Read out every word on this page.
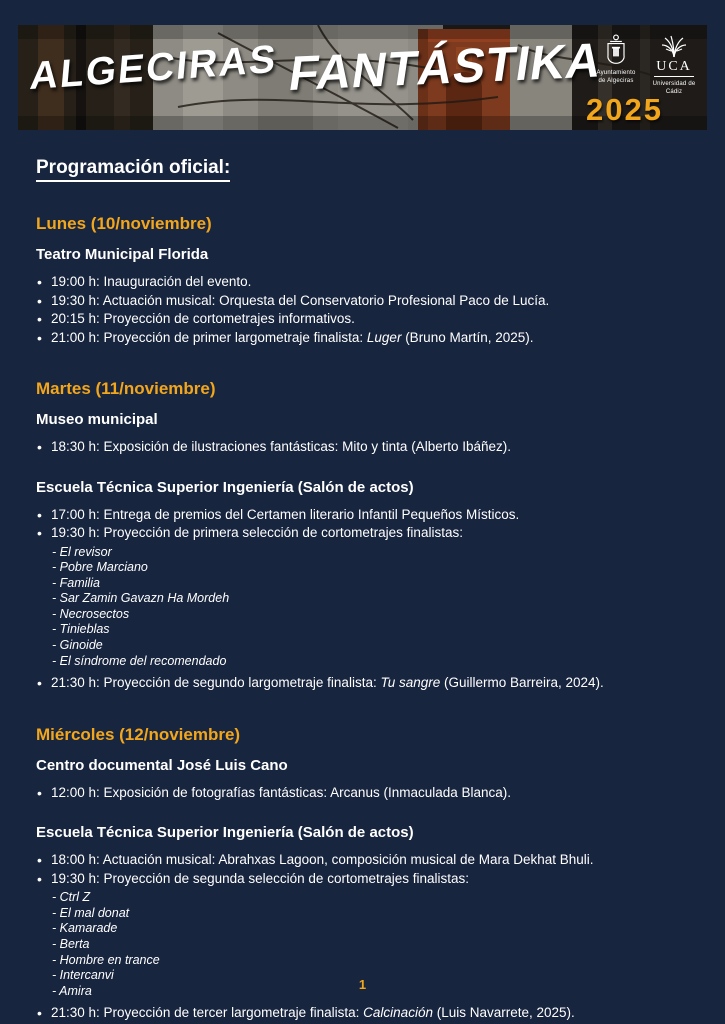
ALGECIRAS FANTÁSTIKA
Ayuntamiento de Algeciras
UCA
Universidad de Cádiz
2025
Programación oficial:
Lunes (10/noviembre)
Teatro Municipal Florida
• 19:00 h: Inauguración del evento.
• 19:30 h: Actuación musical: Orquesta del Conservatorio Profesional Paco de Lucía.
• 20:15 h: Proyección de cortometrajes informativos.
• 21:00 h: Proyección de primer largometraje finalista: Luger (Bruno Martín, 2025).
Martes (11/noviembre)
Museo municipal
• 18:30 h: Exposición de ilustraciones fantásticas: Mito y tinta (Alberto Ibáñez).
Escuela Técnica Superior Ingeniería (Salón de actos)
• 17:00 h: Entrega de premios del Certamen literario Infantil Pequeños Místicos.
• 19:30 h: Proyección de primera selección de cortometrajes finalistas:
- El revisor
- Pobre Marciano
- Familia
- Sar Zamin Gavazn Ha Mordeh
- Necrosectos
- Tinieblas
- Ginoide
- El síndrome del recomendado
• 21:30 h: Proyección de segundo largometraje finalista: Tu sangre (Guillermo Barreira, 2024).
Miércoles (12/noviembre)
Centro documental José Luis Cano
• 12:00 h: Exposición de fotografías fantásticas: Arcanus (Inmaculada Blanca).
Escuela Técnica Superior Ingeniería (Salón de actos)
• 18:00 h: Actuación musical: Abrahxas Lagoon, composición musical de Mara Dekhat Bhuli.
• 19:30 h: Proyección de segunda selección de cortometrajes finalistas:
- Ctrl Z
- El mal donat
- Kamarade
- Berta
- Hombre en trance
- Intercanvi
- Amira
• 21:30 h: Proyección de tercer largometraje finalista: Calcinación (Luis Navarrete, 2025).
1
